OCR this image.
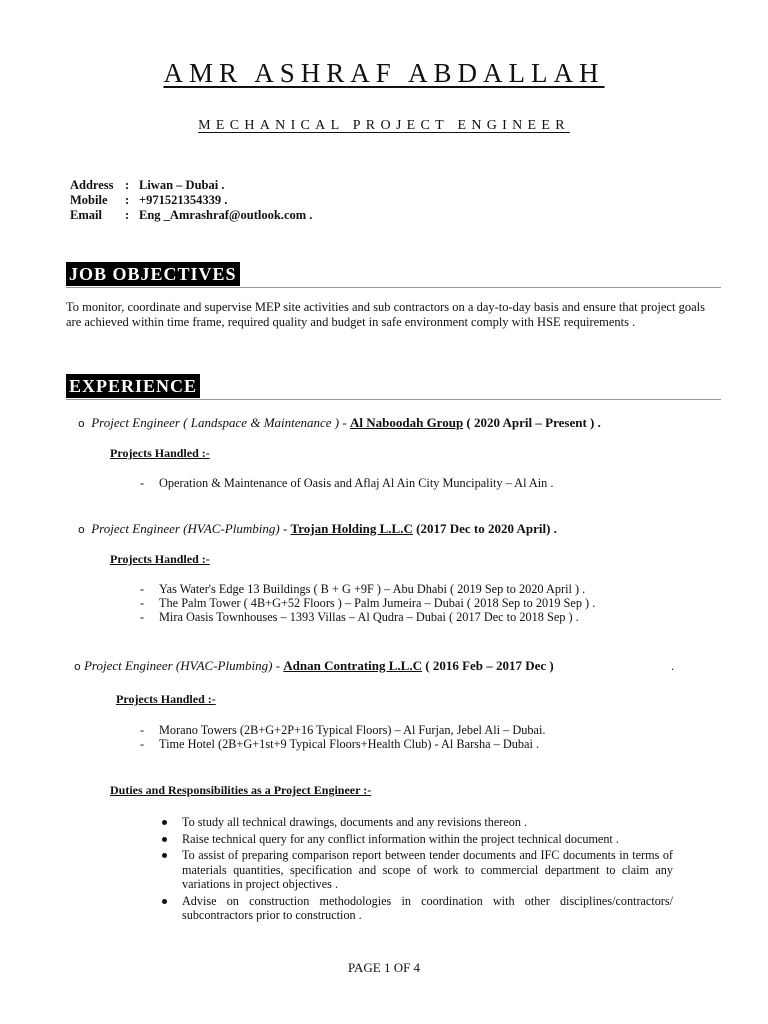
AMR ASHRAF ABDALLAH
MECHANICAL PROJECT ENGINEER
Address : Liwan – Dubai .
Mobile : +971521354339 .
Email : Eng _Amrashraf@outlook.com .
JOB OBJECTIVES
To monitor, coordinate and supervise MEP site activities and sub contractors on a day-to-day basis and ensure that project goals are achieved within time frame, required quality and budget in safe environment comply with HSE requirements .
EXPERIENCE
o Project Engineer ( Landspace & Maintenance ) - Al Naboodah Group ( 2020 April – Present ) .
Projects Handled :-
- Operation & Maintenance of Oasis and Aflaj Al Ain City Muncipality – Al Ain .
o Project Engineer (HVAC-Plumbing) - Trojan Holding L.L.C (2017 Dec to 2020 April) .
Projects Handled :-
- Yas Water's Edge 13 Buildings ( B + G +9F ) – Abu Dhabi ( 2019 Sep to 2020 April ) .
- The Palm Tower ( 4B+G+52 Floors ) – Palm Jumeira – Dubai ( 2018 Sep to 2019 Sep ) .
- Mira Oasis Townhouses – 1393 Villas – Al Qudra – Dubai ( 2017 Dec to 2018 Sep ) .
o Project Engineer (HVAC-Plumbing) - Adnan Contrating L.L.C ( 2016 Feb – 2017 Dec )	.
Projects Handled :-
- Morano Towers (2B+G+2P+16 Typical Floors) – Al Furjan, Jebel Ali – Dubai.
- Time Hotel (2B+G+1st+9 Typical Floors+Health Club) - Al Barsha – Dubai .
Duties and Responsibilities as a Project Engineer :-
To study all technical drawings, documents and any revisions thereon .
Raise technical query for any conflict information within the project technical document .
To assist of preparing comparison report between tender documents and IFC documents in terms of materials quantities, specification and scope of work to commercial department to claim any variations in project objectives .
Advise on construction methodologies in coordination with other disciplines/contractors/ subcontractors prior to construction .
PAGE 1 OF 4
